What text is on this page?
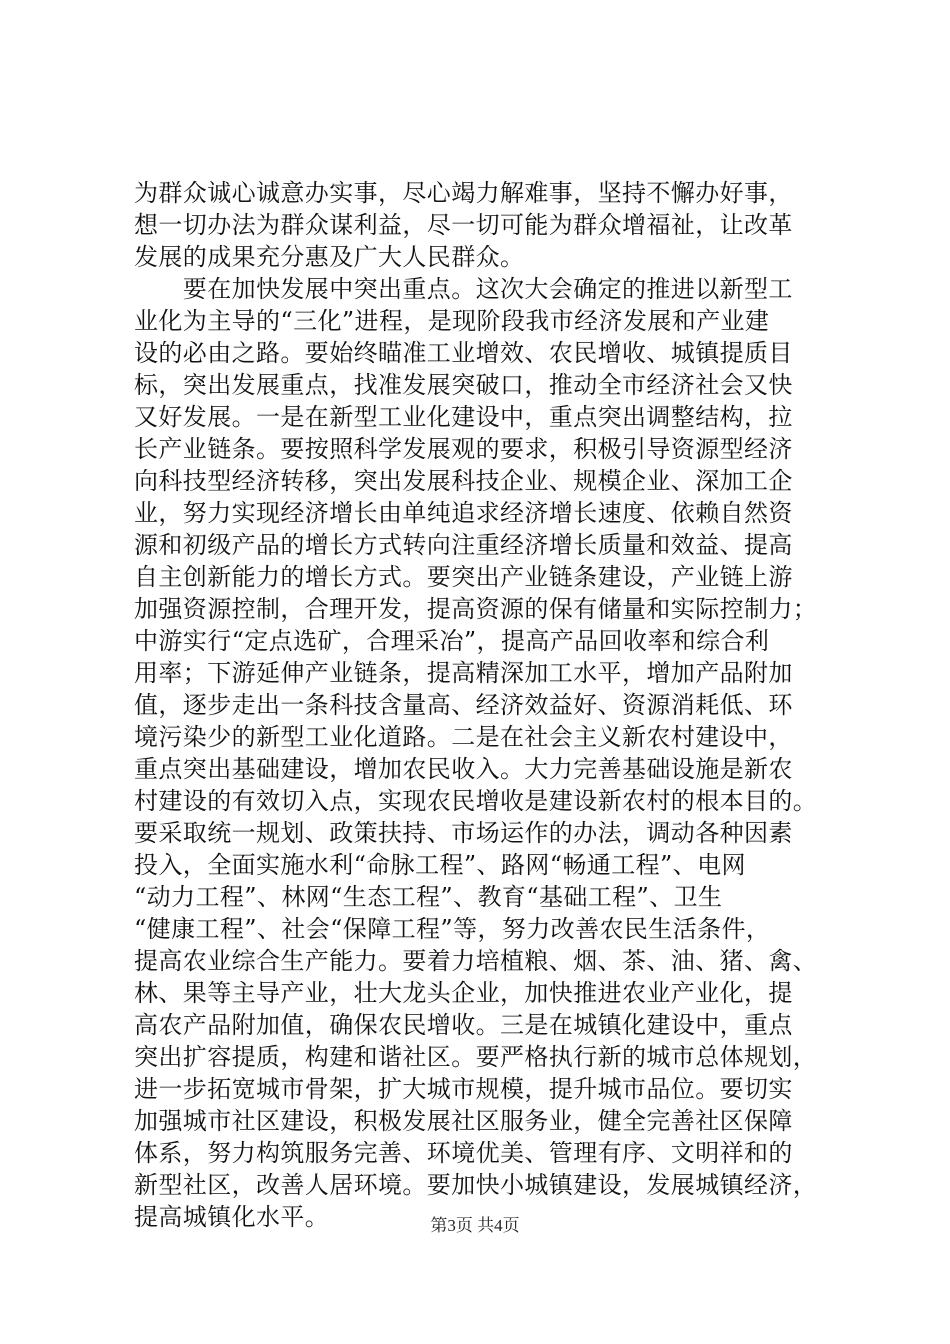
为群众诚心诚意办实事，尽心竭力解难事，坚持不懈办好事，
想一切办法为群众谋利益，尽一切可能为群众增福祉，让改革
发展的成果充分惠及广大人民群众。
　　要在加快发展中突出重点。这次大会确定的推进以新型工
业化为主导的“三化”进程，是现阶段我市经济发展和产业建
设的必由之路。要始终瞄准工业增效、农民增收、城镇提质目
标，突出发展重点，找准发展突破口，推动全市经济社会又快
又好发展。一是在新型工业化建设中，重点突出调整结构，拉
长产业链条。要按照科学发展观的要求，积极引导资源型经济
向科技型经济转移，突出发展科技企业、规模企业、深加工企
业，努力实现经济增长由单纯追求经济增长速度、依赖自然资
源和初级产品的增长方式转向注重经济增长质量和效益、提高
自主创新能力的增长方式。要突出产业链条建设，产业链上游
加强资源控制，合理开发，提高资源的保有储量和实际控制力；
中游实行“定点选矿，合理采冶”，提高产品回收率和综合利
用率；下游延伸产业链条，提高精深加工水平，增加产品附加
值，逐步走出一条科技含量高、经济效益好、资源消耗低、环
境污染少的新型工业化道路。二是在社会主义新农村建设中，
重点突出基础建设，增加农民收入。大力完善基础设施是新农
村建设的有效切入点，实现农民增收是建设新农村的根本目的。
要采取统一规划、政策扶持、市场运作的办法，调动各种因素
投入，全面实施水利“命脉工程”、路网“畅通工程”、电网
“动力工程”、林网“生态工程”、教育“基础工程”、卫生
“健康工程”、社会“保障工程”等，努力改善农民生活条件，
提高农业综合生产能力。要着力培植粮、烟、茶、油、猪、禽、
林、果等主导产业，壮大龙头企业，加快推进农业产业化，提
高农产品附加值，确保农民增收。三是在城镇化建设中，重点
突出扩容提质，构建和谐社区。要严格执行新的城市总体规划，
进一步拓宽城市骨架，扩大城市规模，提升城市品位。要切实
加强城市社区建设，积极发展社区服务业，健全完善社区保障
体系，努力构筑服务完善、环境优美、管理有序、文明祥和的
新型社区，改善人居环境。要加快小城镇建设，发展城镇经济，
提高城镇化水平。	第3页 共4页
